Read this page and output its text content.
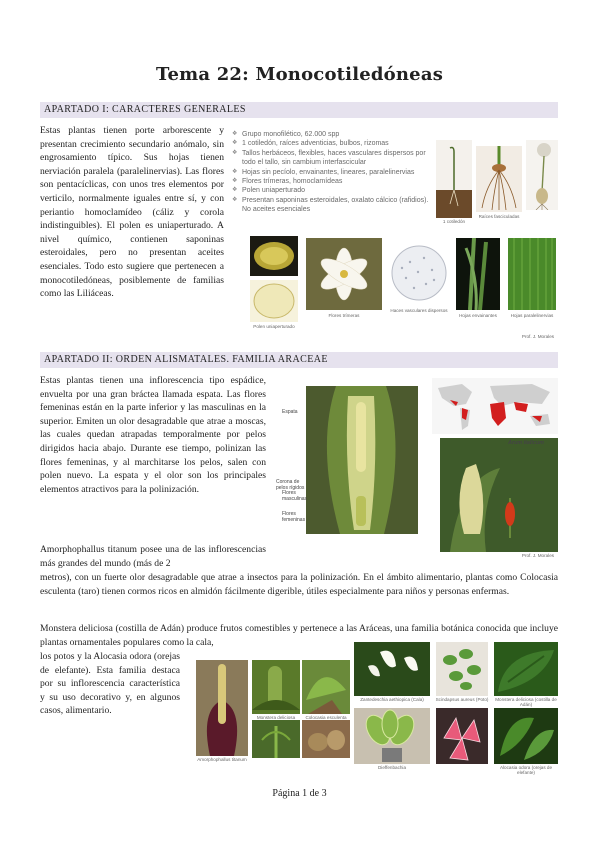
Tema 22: Monocotiledóneas
APARTADO I: CARACTERES GENERALES
Estas plantas tienen porte arborescente y presentan crecimiento secundario anómalo, sin engrosamiento típico. Sus hojas tienen nerviación paralela (paralelinervias). Las flores son pentacíclicas, con unos tres elementos por verticilo, normalmente iguales entre sí, y con periantio homoclamídeo (cáliz y corola indistinguibles). El polen es uniaperturado. A nivel químico, contienen saponinas esteroidales, pero no presentan aceites esenciales. Todo esto sugiere que pertenecen a monocotiledóneas, posiblemente de familias como las Liliáceas.
❖ Grupo monofilético, 62.000 spp
❖ 1 cotiledón, raíces adventicias, bulbos, rizomas
❖ Tallos herbáceos, flexibles, haces vasculares dispersos por todo el tallo, sin cambium interfascicular
❖ Hojas sin pecíolo, envainantes, lineares, paralelinervias
❖ Flores trímeras, homoclamídeas
❖ Polen uniaperturado
❖ Presentan saponinas esteroidales, oxalato cálcico (rafidios). No aceites esenciales
1 cotiledón
Raíces fasciculadas
Polen uniaperturado
Flores trímeras
Haces vasculares dispersos
Hojas envainantes	Hojas paralelinervias
Prof. J. Morales
APARTADO II: ORDEN ALISMATALES. FAMILIA ARACEAE
Estas plantas tienen una inflorescencia tipo espádice, envuelta por una gran bráctea llamada espata. Las flores femeninas están en la parte inferior y las masculinas en la superior. Emiten un olor desagradable que atrae a moscas, las cuales quedan atrapadas temporalmente por pelos dirigidos hacia abajo. Durante ese tiempo, polinizan las flores femeninas, y al marchitarse los pelos, salen con polen nuevo. La espata y el olor son los principales elementos atractivos para la polinización.
Espata
Corona de pelos rígidos
Flores masculinas
Flores femeninas
Arum italicum
Prof. J. Morales
Amorphophallus titanum posee una de las inflorescencias más grandes del mundo (más de 2
metros), con un fuerte olor desagradable que atrae a insectos para la polinización. En el ámbito alimentario, plantas como Colocasia esculenta (taro) tienen cormos ricos en almidón fácilmente digerible, útiles especialmente para niños y personas enfermas.
Monstera deliciosa (costilla de Adán) produce frutos comestibles y pertenece a las Aráceas, una familia botánica conocida que incluye plantas ornamentales populares como la cala,
los potos y la Alocasia odora (orejas de elefante). Esta familia destaca por su inflorescencia característica y su uso decorativo y, en algunos casos, alimentario.
Amorphophallus titanum
Monstera deliciosa	Colocasia esculenta
Zantedeschia aethiopica (Cala)	Scindapsus aureus (Poto)	Monstera deliciosa (costilla de Adán)
Dieffenbachia	Alocasia odora (orejas de elefante)
Página 1 de 3
